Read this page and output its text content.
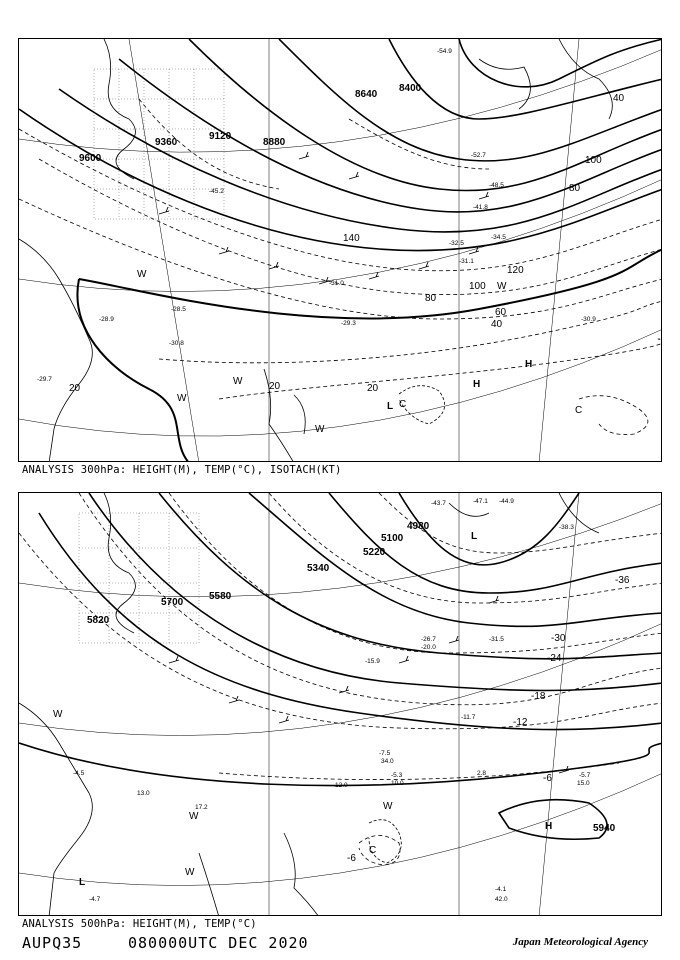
8400
8640
8880
9120
9360
9600
20	20	20
40
40
60
80
80
100
100
120
140
-54.9
-52.7
-48.5
-45.2
-41.8
-34.5
-32.5
-31.1
-31.0
-29.3
-28.9
-28.5
-30.9
-30.8
-29.7
H
H
L C
C
W
W
W
W
W
ANALYSIS 300hPa: HEIGHT(M), TEMP(°C), ISOTACH(KT)
4980
5100
5220
5340
5580
5700
5820
5940
-6
-6
-12
-18
-24
-30
-36
-43.7	-47.1 -44.9
-38.3
-31.5
-26.7
-20.0
-15.9
-11.7
-7.5
-5.3	-5.7
-4.1
-4.5
-4.7
13.0
15.0
17.2
42.0
34.0
10.0
12.0
2.8
H
L
L
C
W
W
W
W
ANALYSIS 500hPa: HEIGHT(M), TEMP(°C)
AUPQ35	080000UTC DEC 2020	Japan Meteorological Agency
